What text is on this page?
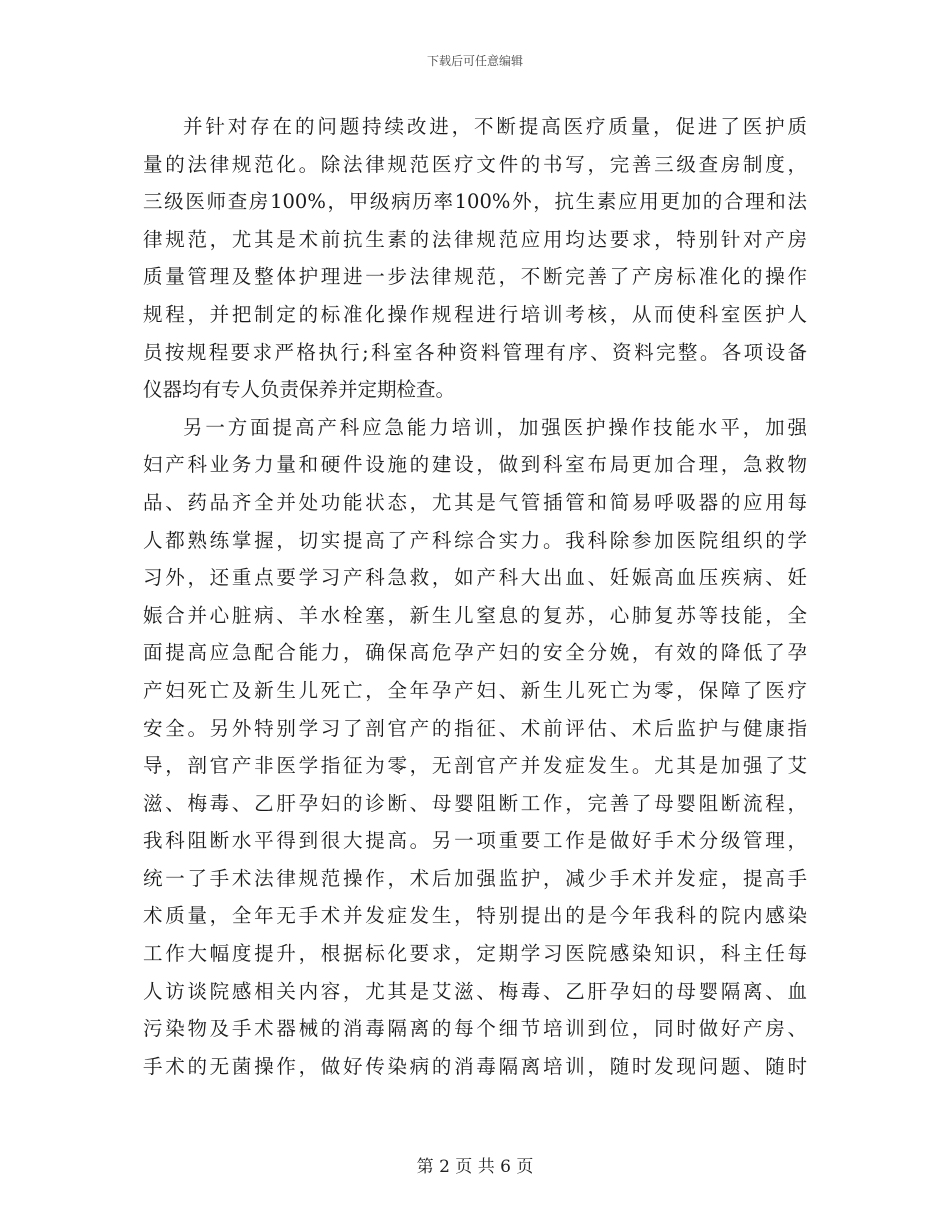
下载后可任意编辑
并针对存在的问题持续改进，不断提高医疗质量，促进了医护质
量的法律规范化。除法律规范医疗文件的书写，完善三级查房制度，
三级医师查房100%，甲级病历率100%外，抗生素应用更加的合理和法
律规范，尤其是术前抗生素的法律规范应用均达要求，特别针对产房
质量管理及整体护理进一步法律规范，不断完善了产房标准化的操作
规程，并把制定的标准化操作规程进行培训考核，从而使科室医护人
员按规程要求严格执行;科室各种资料管理有序、资料完整。各项设备
仪器均有专人负责保养并定期检查。
另一方面提高产科应急能力培训，加强医护操作技能水平，加强
妇产科业务力量和硬件设施的建设，做到科室布局更加合理，急救物
品、药品齐全并处功能状态，尤其是气管插管和简易呼吸器的应用每
人都熟练掌握，切实提高了产科综合实力。我科除参加医院组织的学
习外，还重点要学习产科急救，如产科大出血、妊娠高血压疾病、妊
娠合并心脏病、羊水栓塞，新生儿窒息的复苏，心肺复苏等技能，全
面提高应急配合能力，确保高危孕产妇的安全分娩，有效的降低了孕
产妇死亡及新生儿死亡，全年孕产妇、新生儿死亡为零，保障了医疗
安全。另外特别学习了剖官产的指征、术前评估、术后监护与健康指
导，剖官产非医学指征为零，无剖官产并发症发生。尤其是加强了艾
滋、梅毒、乙肝孕妇的诊断、母婴阻断工作，完善了母婴阻断流程，
我科阻断水平得到很大提高。另一项重要工作是做好手术分级管理，
统一了手术法律规范操作，术后加强监护，减少手术并发症，提高手
术质量，全年无手术并发症发生，特别提出的是今年我科的院内感染
工作大幅度提升，根据标化要求，定期学习医院感染知识，科主任每
人访谈院感相关内容，尤其是艾滋、梅毒、乙肝孕妇的母婴隔离、血
污染物及手术器械的消毒隔离的每个细节培训到位，同时做好产房、
手术的无菌操作，做好传染病的消毒隔离培训，随时发现问题、随时
第 2 页 共 6 页
